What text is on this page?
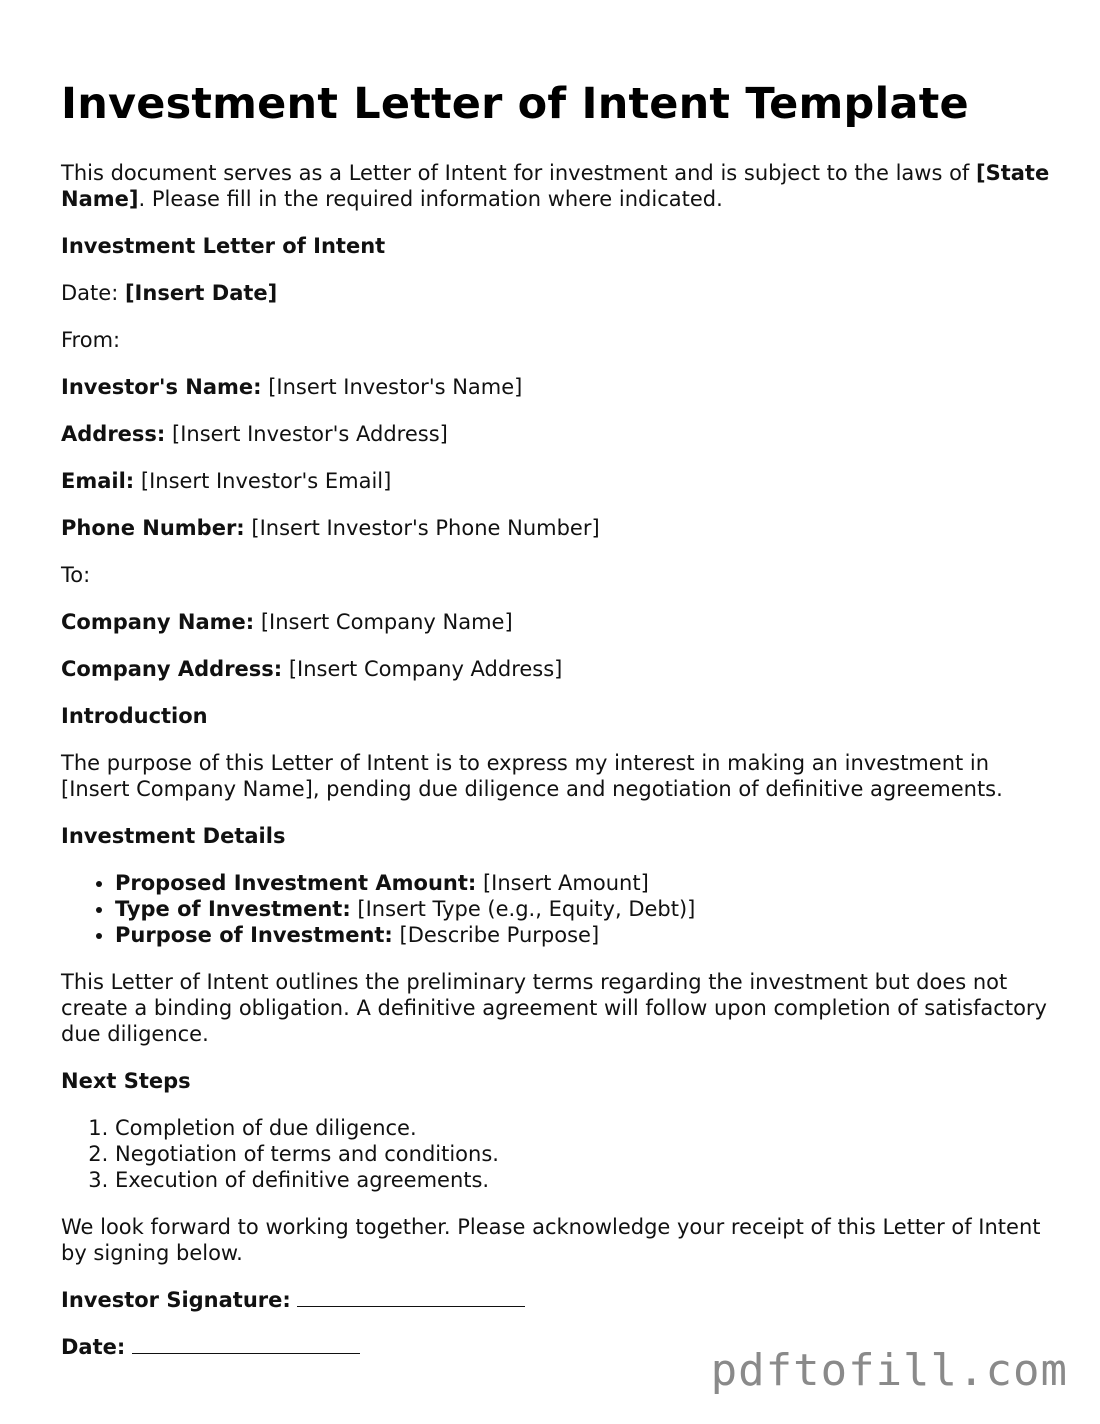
Investment Letter of Intent Template

This document serves as a Letter of Intent for investment and is subject to the laws of [State Name]. Please fill in the required information where indicated.

Investment Letter of Intent

Date: [Insert Date]

From:

Investor's Name: [Insert Investor's Name]

Address: [Insert Investor's Address]

Email: [Insert Investor's Email]

Phone Number: [Insert Investor's Phone Number]

To:

Company Name: [Insert Company Name]

Company Address: [Insert Company Address]

Introduction

The purpose of this Letter of Intent is to express my interest in making an investment in [Insert Company Name], pending due diligence and negotiation of definitive agreements.

Investment Details

• Proposed Investment Amount: [Insert Amount]
• Type of Investment: [Insert Type (e.g., Equity, Debt)]
• Purpose of Investment: [Describe Purpose]

This Letter of Intent outlines the preliminary terms regarding the investment but does not create a binding obligation. A definitive agreement will follow upon completion of satisfactory due diligence.

Next Steps

1. Completion of due diligence.
2. Negotiation of terms and conditions.
3. Execution of definitive agreements.

We look forward to working together. Please acknowledge your receipt of this Letter of Intent by signing below.

Investor Signature:

Date:	pdftofill.com
